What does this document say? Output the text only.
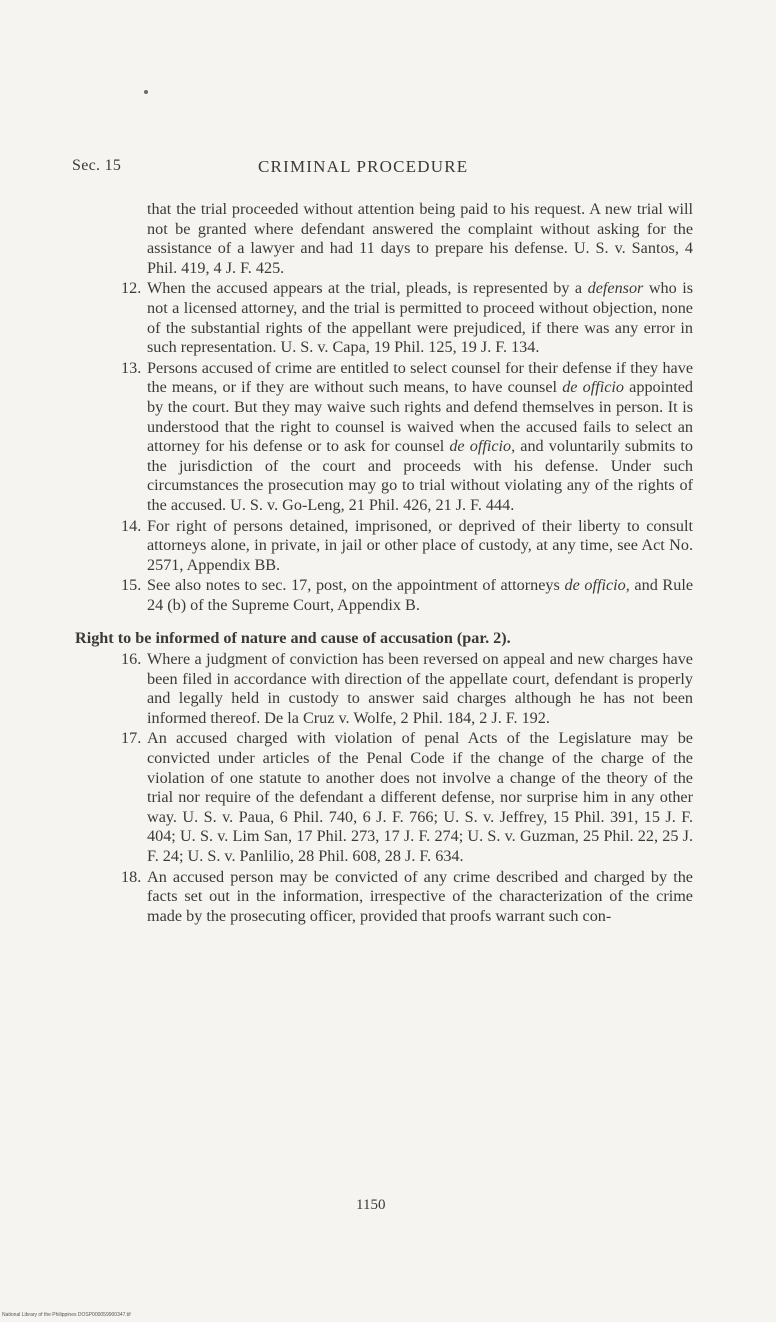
Sec. 15	CRIMINAL PROCEDURE
that the trial proceeded without attention being paid to his request. A new trial will not be granted where defendant answered the complaint without asking for the assistance of a lawyer and had 11 days to prepare his defense. U. S. v. Santos, 4 Phil. 419, 4 J. F. 425.
12. When the accused appears at the trial, pleads, is represented by a defensor who is not a licensed attorney, and the trial is permitted to proceed without objection, none of the substantial rights of the appellant were prejudiced, if there was any error in such representation. U. S. v. Capa, 19 Phil. 125, 19 J. F. 134.
13. Persons accused of crime are entitled to select counsel for their defense if they have the means, or if they are without such means, to have counsel de officio appointed by the court. But they may waive such rights and defend themselves in person. It is understood that the right to counsel is waived when the accused fails to select an attorney for his defense or to ask for counsel de officio, and voluntarily submits to the jurisdiction of the court and proceeds with his defense. Under such circumstances the prosecution may go to trial without violating any of the rights of the accused. U. S. v. Go-Leng, 21 Phil. 426, 21 J. F. 444.
14. For right of persons detained, imprisoned, or deprived of their liberty to consult attorneys alone, in private, in jail or other place of custody, at any time, see Act No. 2571, Appendix BB.
15. See also notes to sec. 17, post, on the appointment of attorneys de officio, and Rule 24 (b) of the Supreme Court, Appendix B.
Right to be informed of nature and cause of accusation (par. 2).
16. Where a judgment of conviction has been reversed on appeal and new charges have been filed in accordance with direction of the appellate court, defendant is properly and legally held in custody to answer said charges although he has not been informed thereof. De la Cruz v. Wolfe, 2 Phil. 184, 2 J. F. 192.
17. An accused charged with violation of penal Acts of the Legislature may be convicted under articles of the Penal Code if the change of the charge of the violation of one statute to another does not involve a change of the theory of the trial nor require of the defendant a different defense, nor surprise him in any other way. U. S. v. Paua, 6 Phil. 740, 6 J. F. 766; U. S. v. Jeffrey, 15 Phil. 391, 15 J. F. 404; U. S. v. Lim San, 17 Phil. 273, 17 J. F. 274; U. S. v. Guzman, 25 Phil. 22, 25 J. F. 24; U. S. v. Panlilio, 28 Phil. 608, 28 J. F. 634.
18. An accused person may be convicted of any crime described and charged by the facts set out in the information, irrespective of the characterization of the crime made by the prosecuting officer, provided that proofs warrant such con-
1150
National Library of the Philippines DOSP000059900347.tif
